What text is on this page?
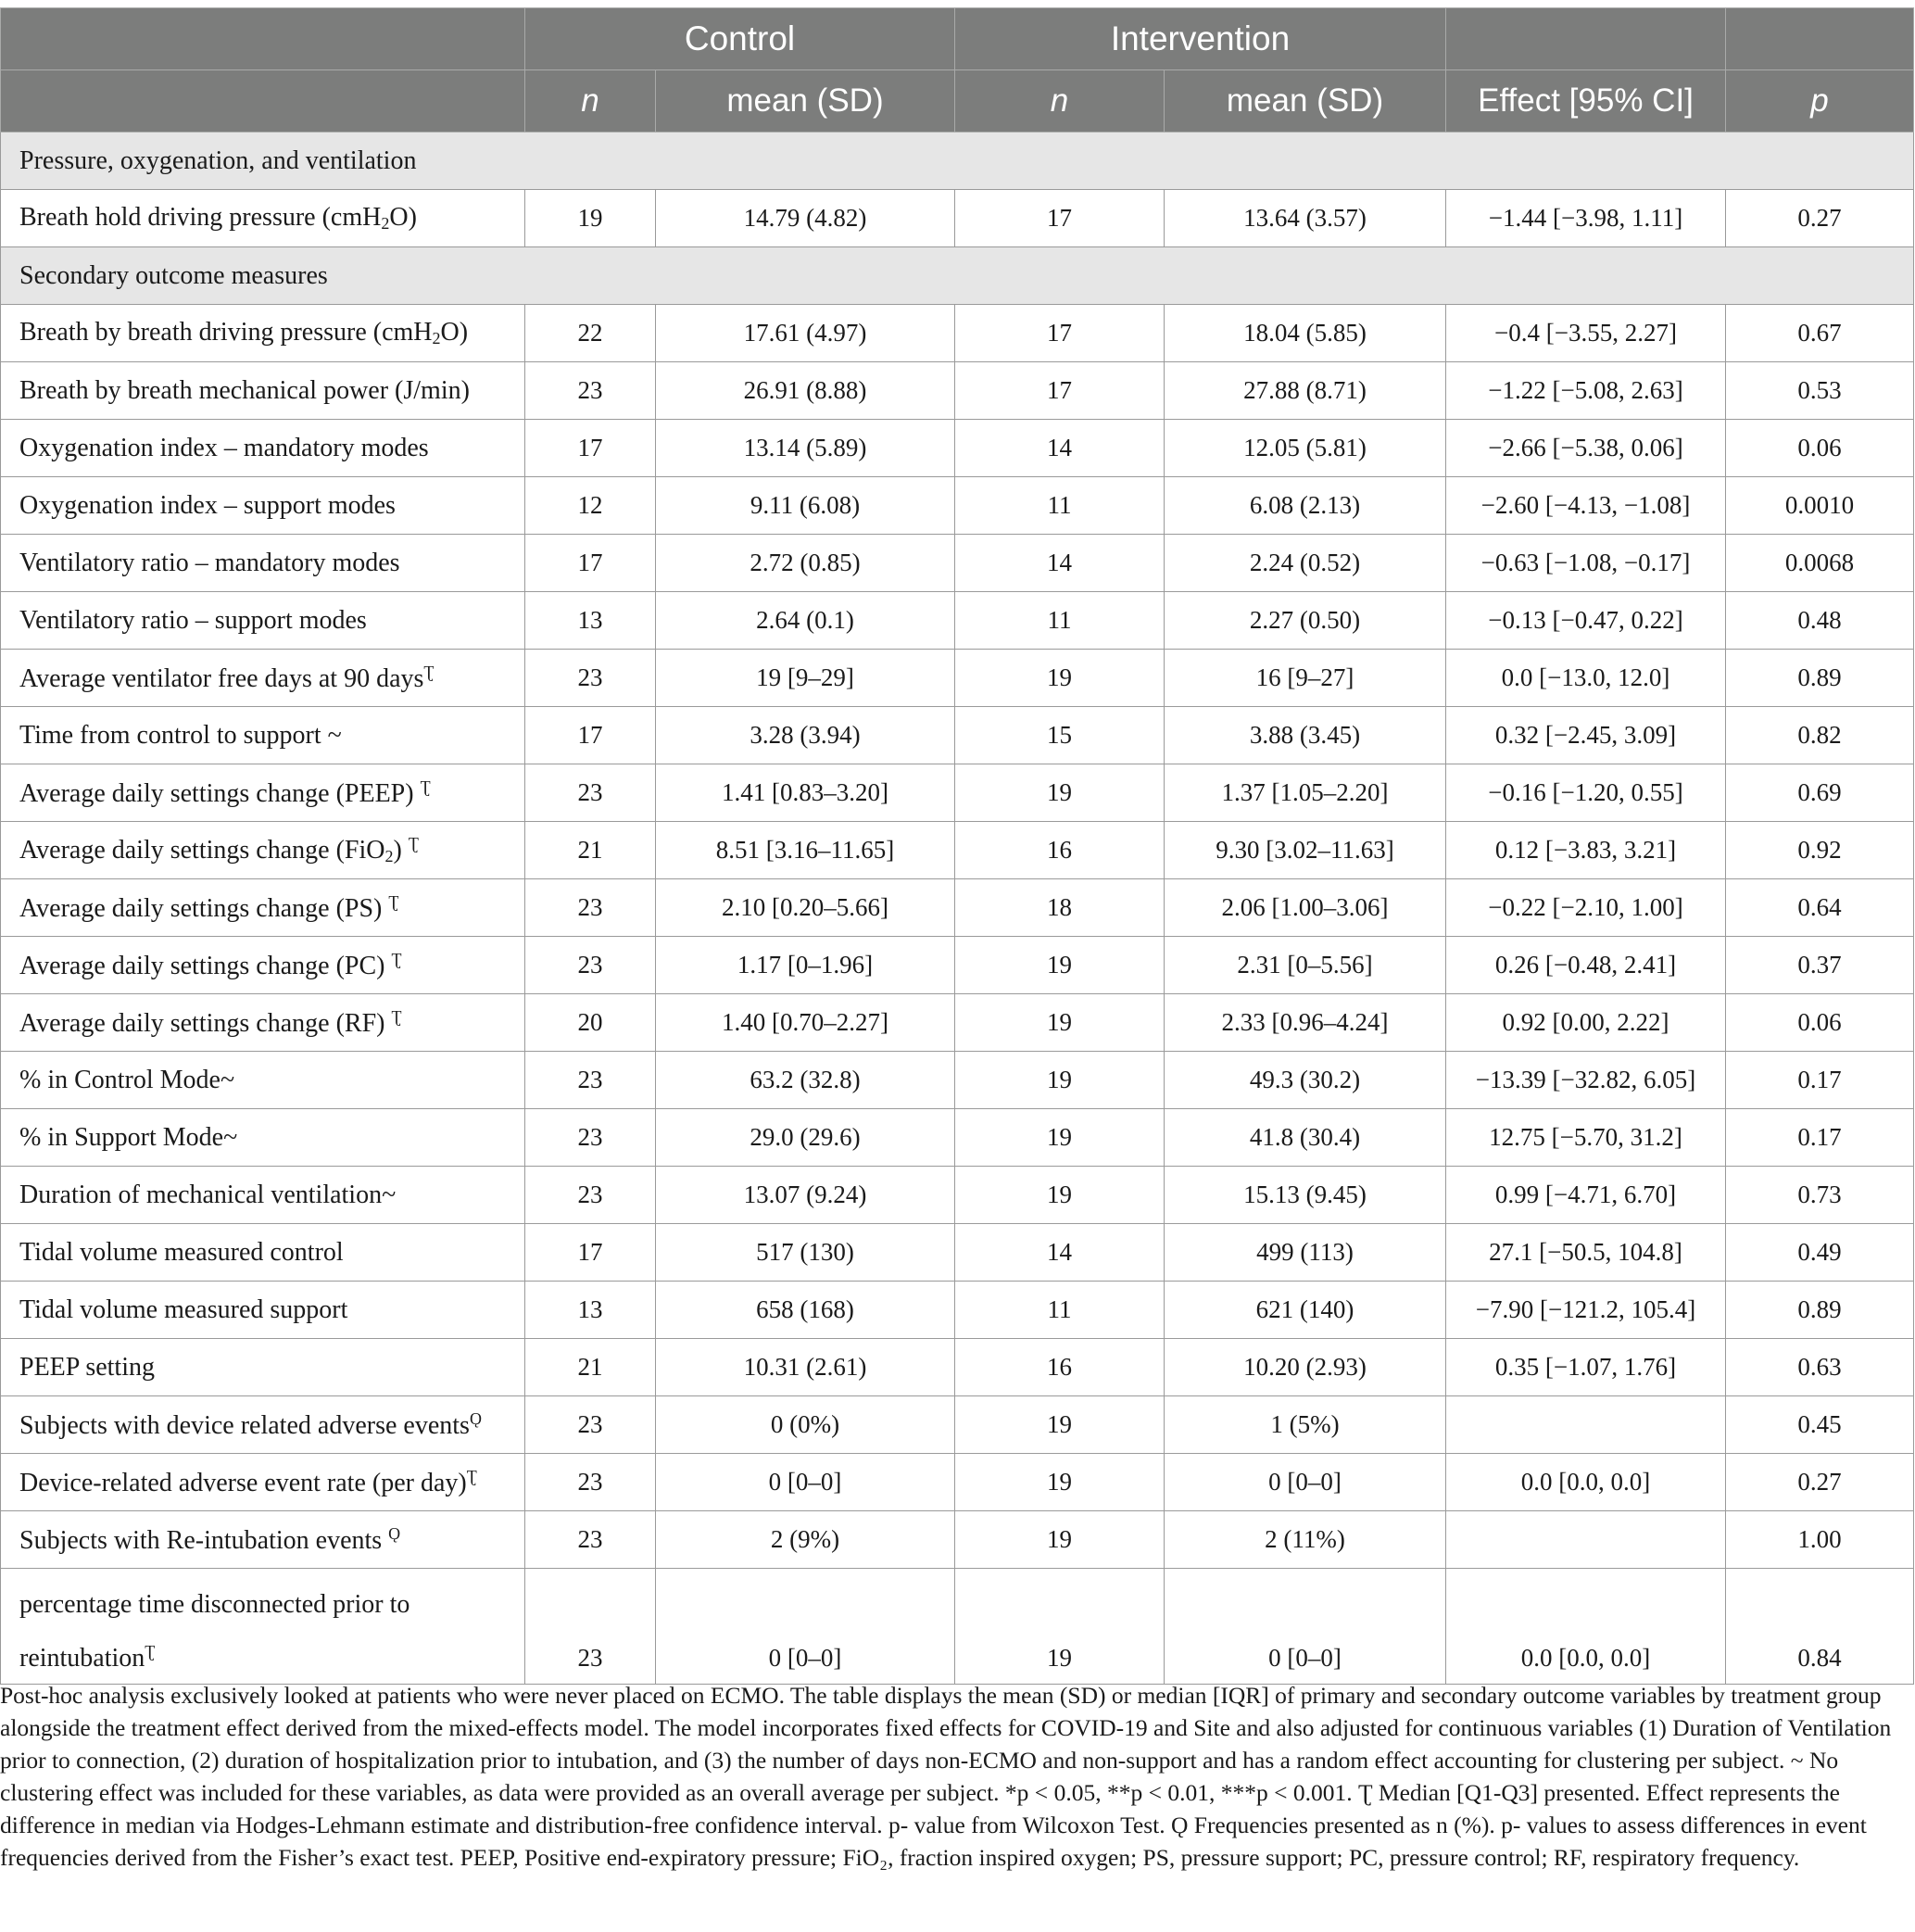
	Control		Intervention			
	n	mean (SD)	n	mean (SD)	Effect [95% CI]	p
Pressure, oxygenation, and ventilation						
Breath hold driving pressure (cmH$_2$O)	19	14.79 (4.82)	17	13.64 (3.57)	−1.44 [−3.98, 1.11]	0.27
Secondary outcome measures						
Breath by breath driving pressure (cmH$_2$O)	22	17.61 (4.97)	17	18.04 (5.85)	−0.4 [−3.55, 2.27]	0.67
Breath by breath mechanical power (J/min)	23	26.91 (8.88)	17	27.88 (8.71)	−1.22 [−5.08, 2.63]	0.53
Oxygenation index – mandatory modes	17	13.14 (5.89)	14	12.05 (5.81)	−2.66 [−5.38, 0.06]	0.06
Oxygenation index – support modes	12	9.11 (6.08)	11	6.08 (2.13)	−2.60 [−4.13, −1.08]	0.0010
Ventilatory ratio – mandatory modes	17	2.72 (0.85)	14	2.24 (0.52)	−0.63 [−1.08, −0.17]	0.0068
Ventilatory ratio – support modes	13	2.64 (0.1)	11	2.27 (0.50)	−0.13 [−0.47, 0.22]	0.48
Average ventilator free days at 90 days$^Ʈ$	23	19 [9–29]	19	16 [9–27]	0.0 [−13.0, 12.0]	0.89
Time from control to support ~	17	3.28 (3.94)	15	3.88 (3.45)	0.32 [−2.45, 3.09]	0.82
Average daily settings change (PEEP) $^Ʈ$	23	1.41 [0.83–3.20]	19	1.37 [1.05–2.20]	−0.16 [−1.20, 0.55]	0.69
Average daily settings change (FiO$_2$) $^Ʈ$	21	8.51 [3.16–11.65]	16	9.30 [3.02–11.63]	0.12 [−3.83, 3.21]	0.92
Average daily settings change (PS) $^Ʈ$	23	2.10 [0.20–5.66]	18	2.06 [1.00–3.06]	−0.22 [−2.10, 1.00]	0.64
Average daily settings change (PC) $^Ʈ$	23	1.17 [0–1.96]	19	2.31 [0–5.56]	0.26 [−0.48, 2.41]	0.37
Average daily settings change (RF) $^Ʈ$	20	1.40 [0.70–2.27]	19	2.33 [0.96–4.24]	0.92 [0.00, 2.22]	0.06
% in Control Mode~	23	63.2 (32.8)	19	49.3 (30.2)	−13.39 [−32.82, 6.05]	0.17
% in Support Mode~	23	29.0 (29.6)	19	41.8 (30.4)	12.75 [−5.70, 31.2]	0.17
Duration of mechanical ventilation~	23	13.07 (9.24)	19	15.13 (9.45)	0.99 [−4.71, 6.70]	0.73
Tidal volume measured control	17	517 (130)	14	499 (113)	27.1 [−50.5, 104.8]	0.49
Tidal volume measured support	13	658 (168)	11	621 (140)	−7.90 [−121.2, 105.4]	0.89
PEEP setting	21	10.31 (2.61)	16	10.20 (2.93)	0.35 [−1.07, 1.76]	0.63
Subjects with device related adverse events$^Ǫ$	23	0 (0%)	19	1 (5%)		0.45
Device-related adverse event rate (per day)$^Ʈ$	23	0 [0–0]	19	0 [0–0]	0.0 [0.0, 0.0]	0.27
Subjects with Re-intubation events $^Ǫ$	23	2 (9%)	19	2 (11%)		1.00
percentage time disconnected prior to reintubation$^Ʈ$	23	0 [0–0]	19	0 [0–0]	0.0 [0.0, 0.0]	0.84
Post-hoc analysis exclusively looked at patients who were never placed on ECMO. The table displays the mean (SD) or median [IQR] of primary and secondary outcome variables by treatment group alongside the treatment effect derived from the mixed-effects model. The model incorporates fixed effects for COVID-19 and Site and also adjusted for continuous variables (1) Duration of Ventilation prior to connection, (2) duration of hospitalization prior to intubation, and (3) the number of days non-ECMO and non-support and has a random effect accounting for clustering per subject. ~ No clustering effect was included for these variables, as data were provided as an overall average per subject. *p < 0.05, **p < 0.01, ***p < 0.001. Ʈ Median [Q1-Q3] presented. Effect represents the difference in median via Hodges-Lehmann estimate and distribution-free confidence interval. p- value from Wilcoxon Test. Ǫ Frequencies presented as n (%). p- values to assess differences in event frequencies derived from the Fisher’s exact test. PEEP, Positive end-expiratory pressure; FiO₂, fraction inspired oxygen; PS, pressure support; PC, pressure control; RF, respiratory frequency.
